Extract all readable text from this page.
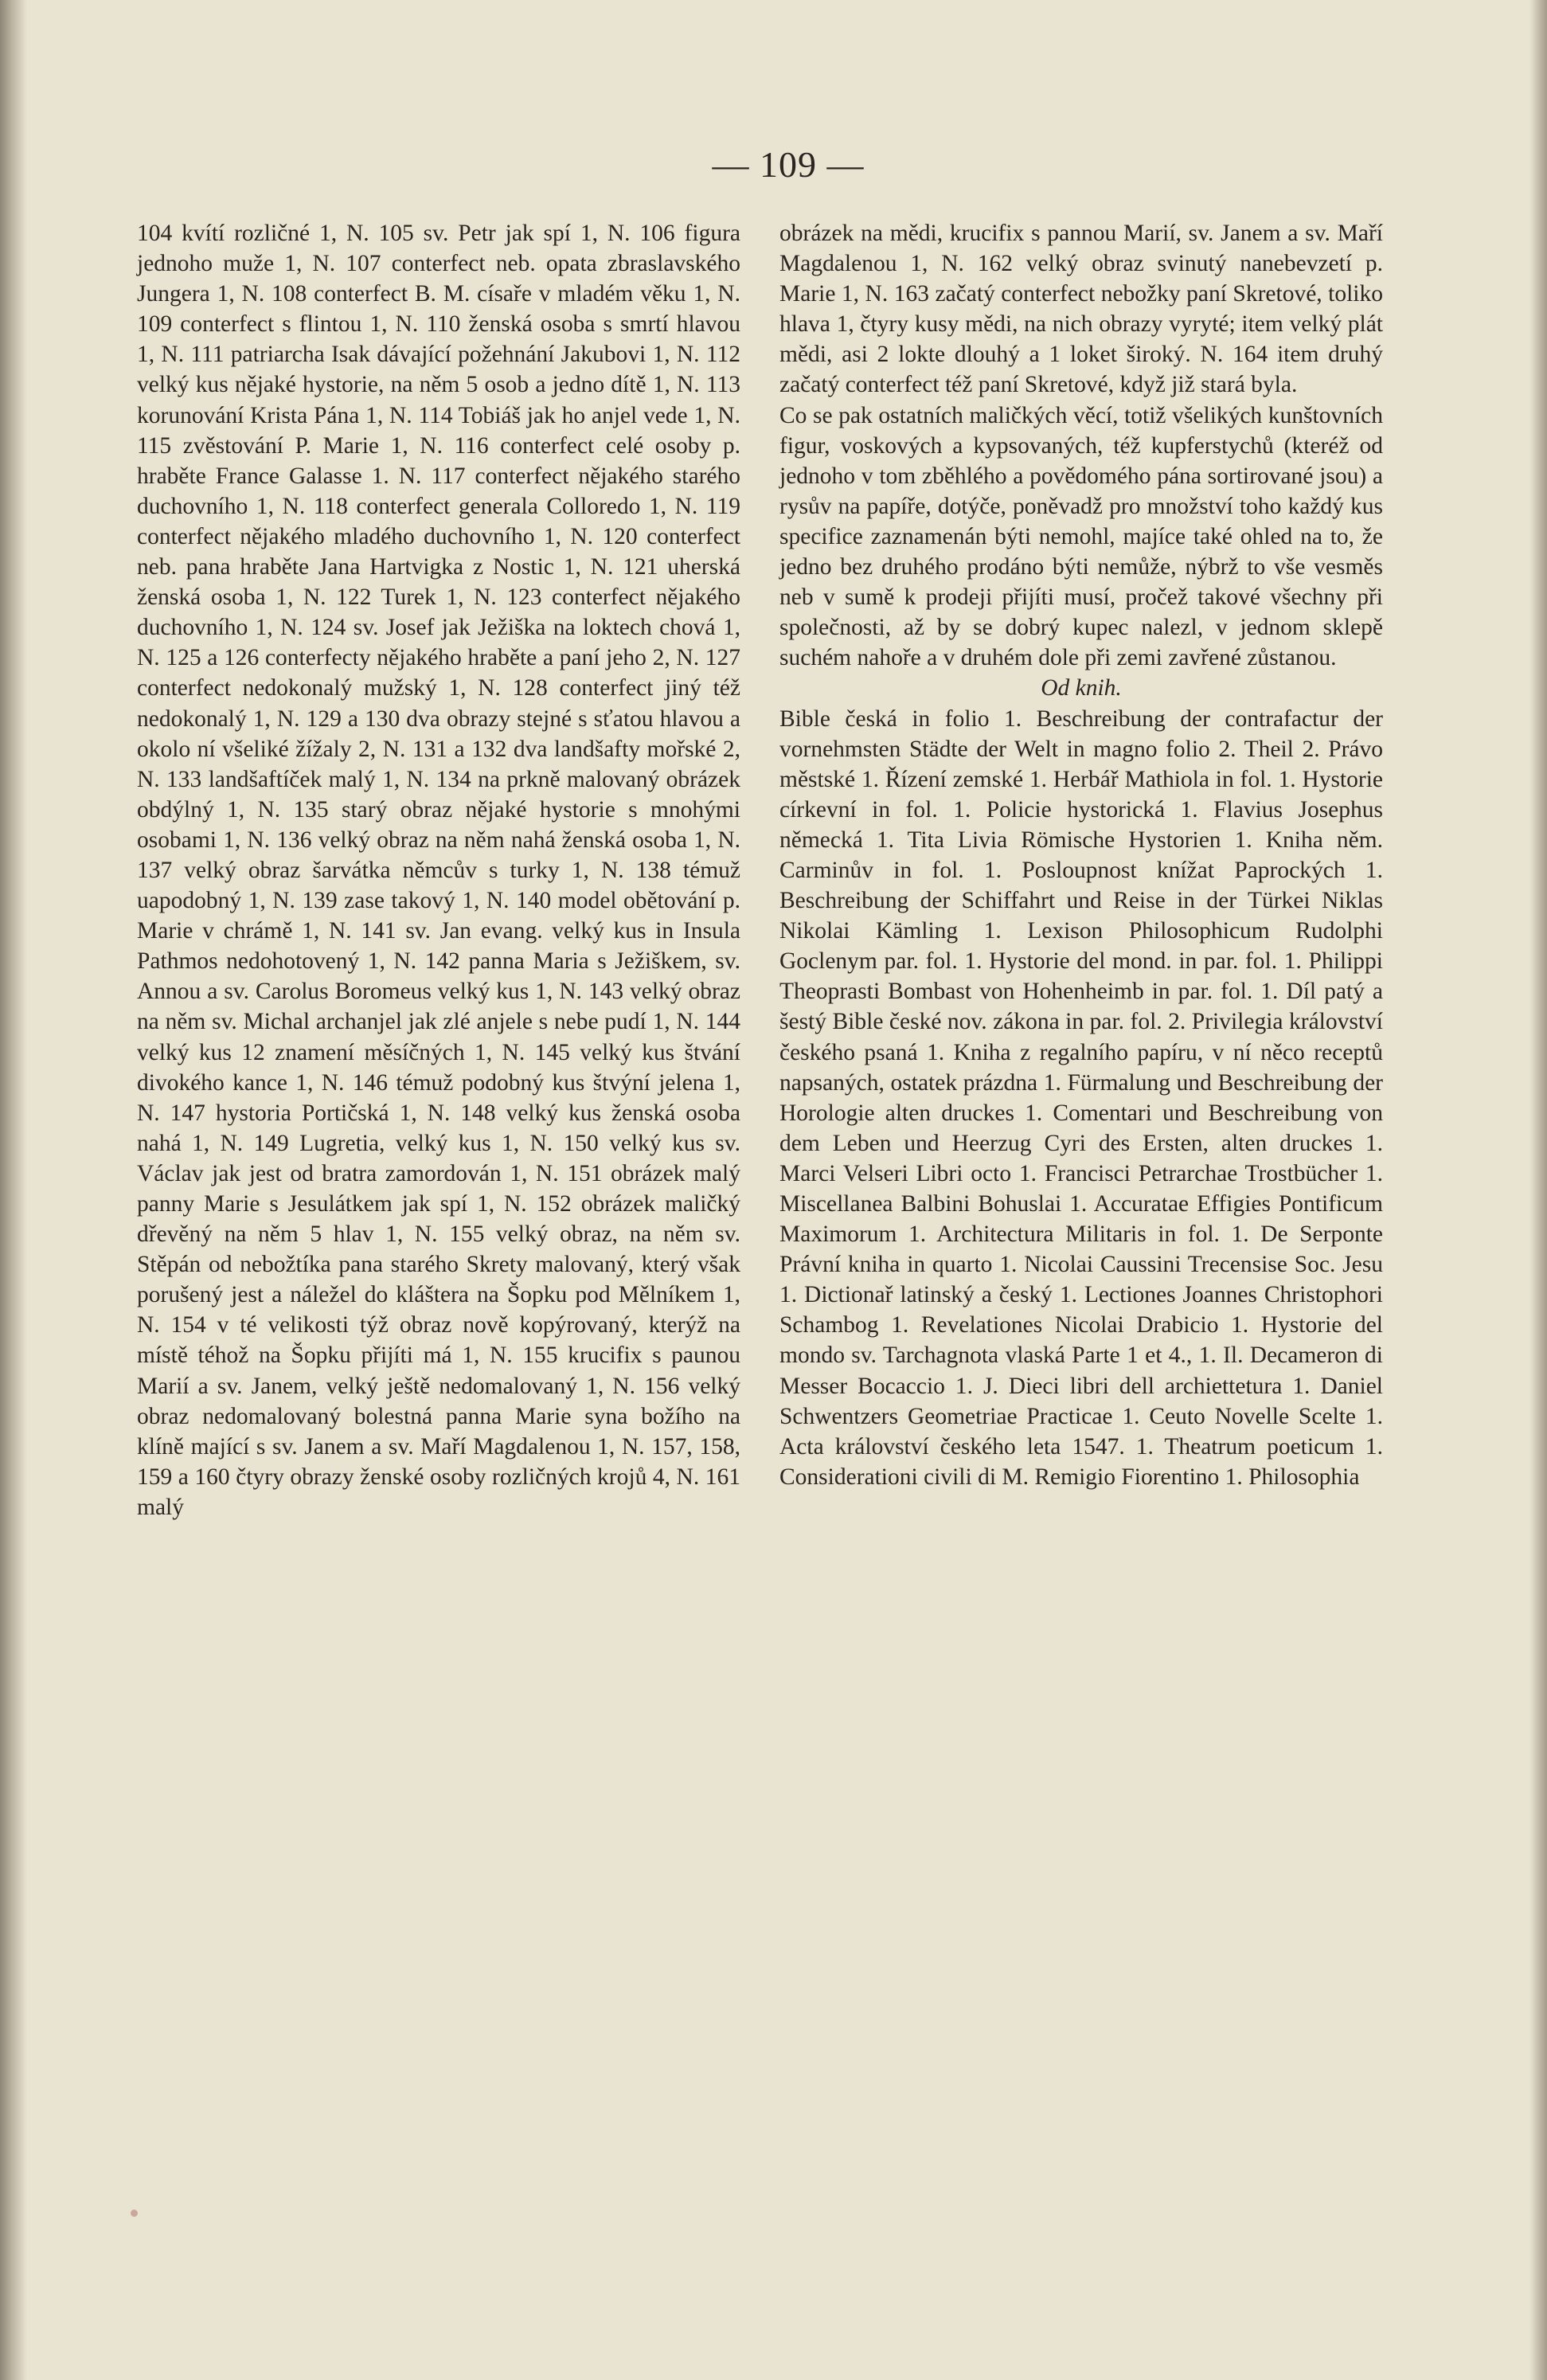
— 109 —

104 kvítí rozličné 1, N. 105 sv. Petr jak spí 1, N. 106 figura jednoho muže 1, N. 107 conterfect neb. opata zbraslavského Jungera 1, N. 108 conterfect B. M. císaře v mladém věku 1, N. 109 conterfect s flintou 1, N. 110 ženská osoba s smrtí hlavou 1, N. 111 patriarcha Isak dávající požehnání Jakubovi 1, N. 112 velký kus nějaké hystorie, na něm 5 osob a jedno dítě 1, N. 113 korunování Krista Pána 1, N. 114 Tobiáš jak ho anjel vede 1, N. 115 zvěstování P. Marie 1, N. 116 conterfect celé osoby p. hraběte France Galasse 1. N. 117 conterfect nějakého starého duchovního 1, N. 118 conterfect generala Colloredo 1, N. 119 conterfect nějakého mladého duchovního 1, N. 120 conterfect neb. pana hraběte Jana Hartvigka z Nostic 1, N. 121 uherská ženská osoba 1, N. 122 Turek 1, N. 123 conterfect nějakého duchovního 1, N. 124 sv. Josef jak Ježiška na loktech chová 1, N. 125 a 126 conterfecty nějakého hraběte a paní jeho 2, N. 127 conterfect nedokonalý mužský 1, N. 128 conterfect jiný též nedokonalý 1, N. 129 a 130 dva obrazy stejné s sťatou hlavou a okolo ní všeliké žížaly 2, N. 131 a 132 dva landšafty mořské 2, N. 133 landšaftíček malý 1, N. 134 na prkně malovaný obrázek obdýlný 1, N. 135 starý obraz nějaké hystorie s mnohými osobami 1, N. 136 velký obraz na něm nahá ženská osoba 1, N. 137 velký obraz šarvátka němcův s turky 1, N. 138 témuž uapodobný 1, N. 139 zase takový 1, N. 140 model obětování p. Marie v chrámě 1, N. 141 sv. Jan evang. velký kus in Insula Pathmos nedohotovený 1, N. 142 panna Maria s Ježiškem, sv. Annou a sv. Carolus Boromeus velký kus 1, N. 143 velký obraz na něm sv. Michal archanjel jak zlé anjele s nebe pudí 1, N. 144 velký kus 12 znamení měsíčných 1, N. 145 velký kus štvání divokého kance 1, N. 146 témuž podobný kus štvýní jelena 1, N. 147 hystoria Portičská 1, N. 148 velký kus ženská osoba nahá 1, N. 149 Lugretia, velký kus 1, N. 150 velký kus sv. Václav jak jest od bratra zamordován 1, N. 151 obrázek malý panny Marie s Jesulátkem jak spí 1, N. 152 obrázek maličký dřevěný na něm 5 hlav 1, N. 155 velký obraz, na něm sv. Stěpán od nebožtíka pana starého Skrety malovaný, který však porušený jest a náležel do kláštera na Šopku pod Mělníkem 1, N. 154 v té velikosti týž obraz nově kopýrovaný, kterýž na místě téhož na Šopku přijíti má 1, N. 155 krucifix s paunou Marií a sv. Janem, velký ještě nedomalovaný 1, N. 156 velký obraz nedomalovaný bolestná panna Marie syna božího na klíně mající s sv. Janem a sv. Maří Magdalenou 1, N. 157, 158, 159 a 160 čtyry obrazy ženské osoby rozličných krojů 4, N. 161 malý

obrázek na mědi, krucifix s pannou Marií, sv. Janem a sv. Maří Magdalenou 1, N. 162 velký obraz svinutý nanebevzetí p. Marie 1, N. 163 začatý conterfect nebožky paní Skretové, toliko hlava 1, čtyry kusy mědi, na nich obrazy vyryté; item velký plát mědi, asi 2 lokte dlouhý a 1 loket široký. N. 164 item druhý začatý conterfect též paní Skretové, když již stará byla.

Co se pak ostatních maličkých věcí, totiž všelikých kunštovních figur, voskových a kypsovaných, též kupferstychů (kteréž od jednoho v tom zběhlého a povědomého pána sortirované jsou) a rysův na papíře, dotýče, poněvadž pro množství toho každý kus specifice zaznamenán býti nemohl, majíce také ohled na to, že jedno bez druhého prodáno býti nemůže, nýbrž to vše vesměs neb v sumě k prodeji přijíti musí, pročež takové všechny při společnosti, až by se dobrý kupec nalezl, v jednom sklepě suchém nahoře a v druhém dole při zemi zavřené zůstanou.

Od knih.

Bible česká in folio 1. Beschreibung der contrafactur der vornehmsten Städte der Welt in magno folio 2. Theil 2. Právo městské 1. Řízení zemské 1. Herbář Mathiola in fol. 1. Hystorie církevní in fol. 1. Policie hystorická 1. Flavius Josephus německá 1. Tita Livia Römische Hystorien 1. Kniha něm. Carminův in fol. 1. Posloupnost knížat Paprockých 1. Beschreibung der Schiffahrt und Reise in der Türkei Niklas Nikolai Kämling 1. Lexison Philosophicum Rudolphi Goclenym par. fol. 1. Hystorie del mond. in par. fol. 1. Philippi Theoprasti Bombast von Hohenheimb in par. fol. 1. Díl patý a šestý Bible české nov. zákona in par. fol. 2. Privilegia království českého psaná 1. Kniha z regalního papíru, v ní něco receptů napsaných, ostatek prázdna 1. Fürmalung und Beschreibung der Horologie alten druckes 1. Comentari und Beschreibung von dem Leben und Heerzug Cyri des Ersten, alten druckes 1. Marci Velseri Libri octo 1. Francisci Petrarchae Trostbücher 1. Miscellanea Balbini Bohuslai 1. Accuratae Effigies Pontificum Maximorum 1. Architectura Militaris in fol. 1. De Serponte Právní kniha in quarto 1. Nicolai Caussini Trecensise Soc. Jesu 1. Dictionař latinský a český 1. Lectiones Joannes Christophori Schambog 1. Revelationes Nicolai Drabicio 1. Hystorie del mondo sv. Tarchagnota vlaská Parte 1 et 4., 1. Il. Decameron di Messer Bocaccio 1. J. Dieci libri dell archiettetura 1. Daniel Schwentzers Geometriae Practicae 1. Ceuto Novelle Scelte 1. Acta království českého leta 1547. 1. Theatrum poeticum 1. Considerationi civili di M. Remigio Fiorentino 1. Philosophia
